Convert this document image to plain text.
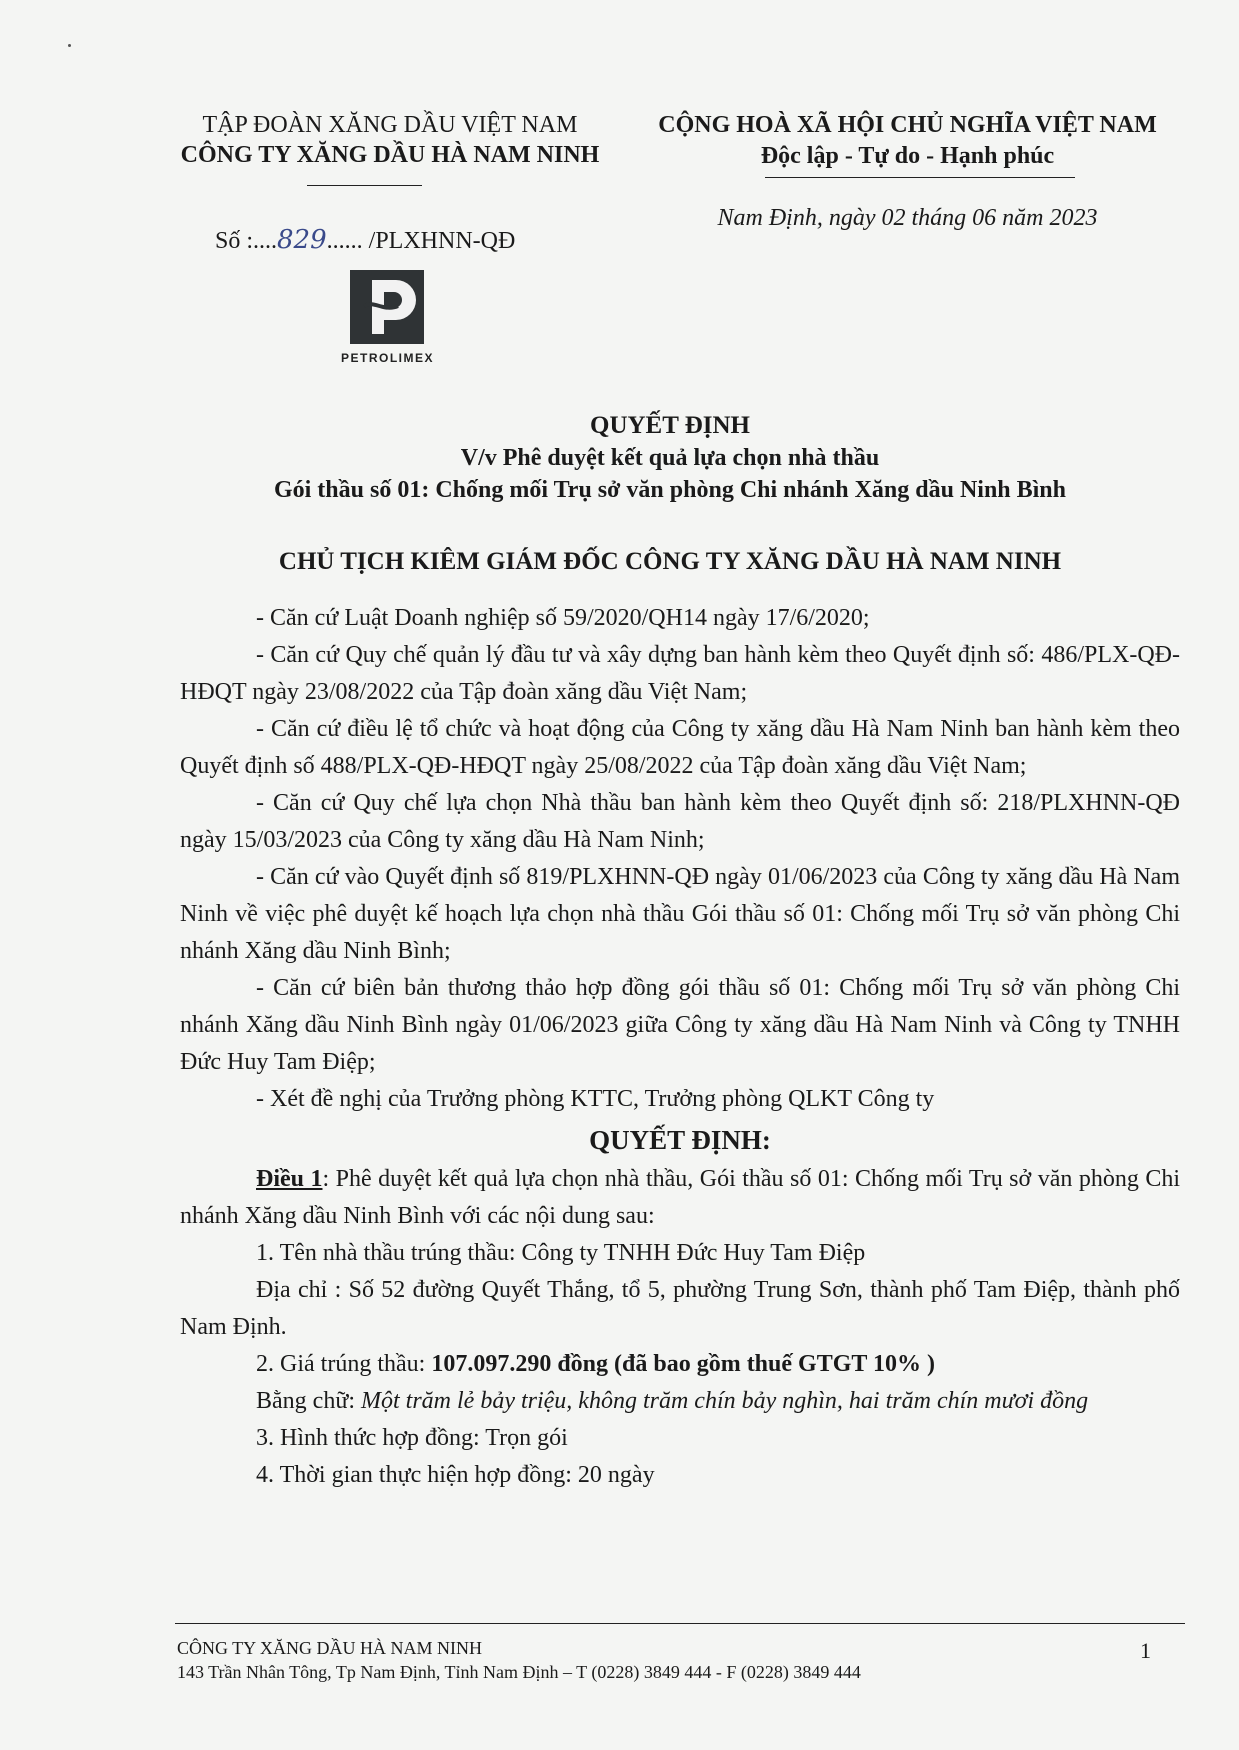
TẬP ĐOÀN XĂNG DẦU VIỆT NAM
CÔNG TY XĂNG DẦU HÀ NAM NINH
CỘNG HOÀ XÃ HỘI CHỦ NGHĨA VIỆT NAM
Độc lập - Tự do - Hạnh phúc
Số :....829...... /PLXHNN-QĐ
Nam Định, ngày 02 tháng 06 năm 2023
PETROLIMEX
QUYẾT ĐỊNH
V/v Phê duyệt kết quả lựa chọn nhà thầu
Gói thầu số 01: Chống mối Trụ sở văn phòng Chi nhánh Xăng dầu Ninh Bình
CHỦ TỊCH KIÊM GIÁM ĐỐC CÔNG TY XĂNG DẦU HÀ NAM NINH

- Căn cứ Luật Doanh nghiệp số 59/2020/QH14 ngày 17/6/2020;

- Căn cứ Quy chế quản lý đầu tư và xây dựng ban hành kèm theo Quyết định số: 486/PLX-QĐ-HĐQT ngày 23/08/2022 của Tập đoàn xăng dầu Việt Nam;

- Căn cứ điều lệ tổ chức và hoạt động của Công ty xăng dầu Hà Nam Ninh ban hành kèm theo Quyết định số 488/PLX-QĐ-HĐQT ngày 25/08/2022 của Tập đoàn xăng dầu Việt Nam;

- Căn cứ Quy chế lựa chọn Nhà thầu ban hành kèm theo Quyết định số: 218/PLXHNN-QĐ ngày 15/03/2023 của Công ty xăng dầu Hà Nam Ninh;

- Căn cứ vào Quyết định số 819/PLXHNN-QĐ ngày 01/06/2023 của Công ty xăng dầu Hà Nam Ninh về việc phê duyệt kế hoạch lựa chọn nhà thầu Gói thầu số 01: Chống mối Trụ sở văn phòng Chi nhánh Xăng dầu Ninh Bình;

- Căn cứ biên bản thương thảo hợp đồng gói thầu số 01: Chống mối Trụ sở văn phòng Chi nhánh Xăng dầu Ninh Bình ngày 01/06/2023 giữa Công ty xăng dầu Hà Nam Ninh và Công ty TNHH Đức Huy Tam Điệp;

- Xét đề nghị của Trưởng phòng KTTC, Trưởng phòng QLKT Công ty

QUYẾT ĐỊNH:

Điều 1: Phê duyệt kết quả lựa chọn nhà thầu, Gói thầu số 01: Chống mối Trụ sở văn phòng Chi nhánh Xăng dầu Ninh Bình với các nội dung sau:

1. Tên nhà thầu trúng thầu: Công ty TNHH Đức Huy Tam Điệp

Địa chỉ : Số 52 đường Quyết Thắng, tổ 5, phường Trung Sơn, thành phố Tam Điệp, thành phố Nam Định.

2. Giá trúng thầu: 107.097.290 đồng (đã bao gồm thuế GTGT 10% )

Bằng chữ: Một trăm lẻ bảy triệu, không trăm chín bảy nghìn, hai trăm chín mươi đồng

3. Hình thức hợp đồng: Trọn gói

4. Thời gian thực hiện hợp đồng: 20 ngày

CÔNG TY XĂNG DẦU HÀ NAM NINH
143 Trần Nhân Tông, Tp Nam Định, Tỉnh Nam Định – T (0228) 3849 444 - F (0228) 3849 444
1
